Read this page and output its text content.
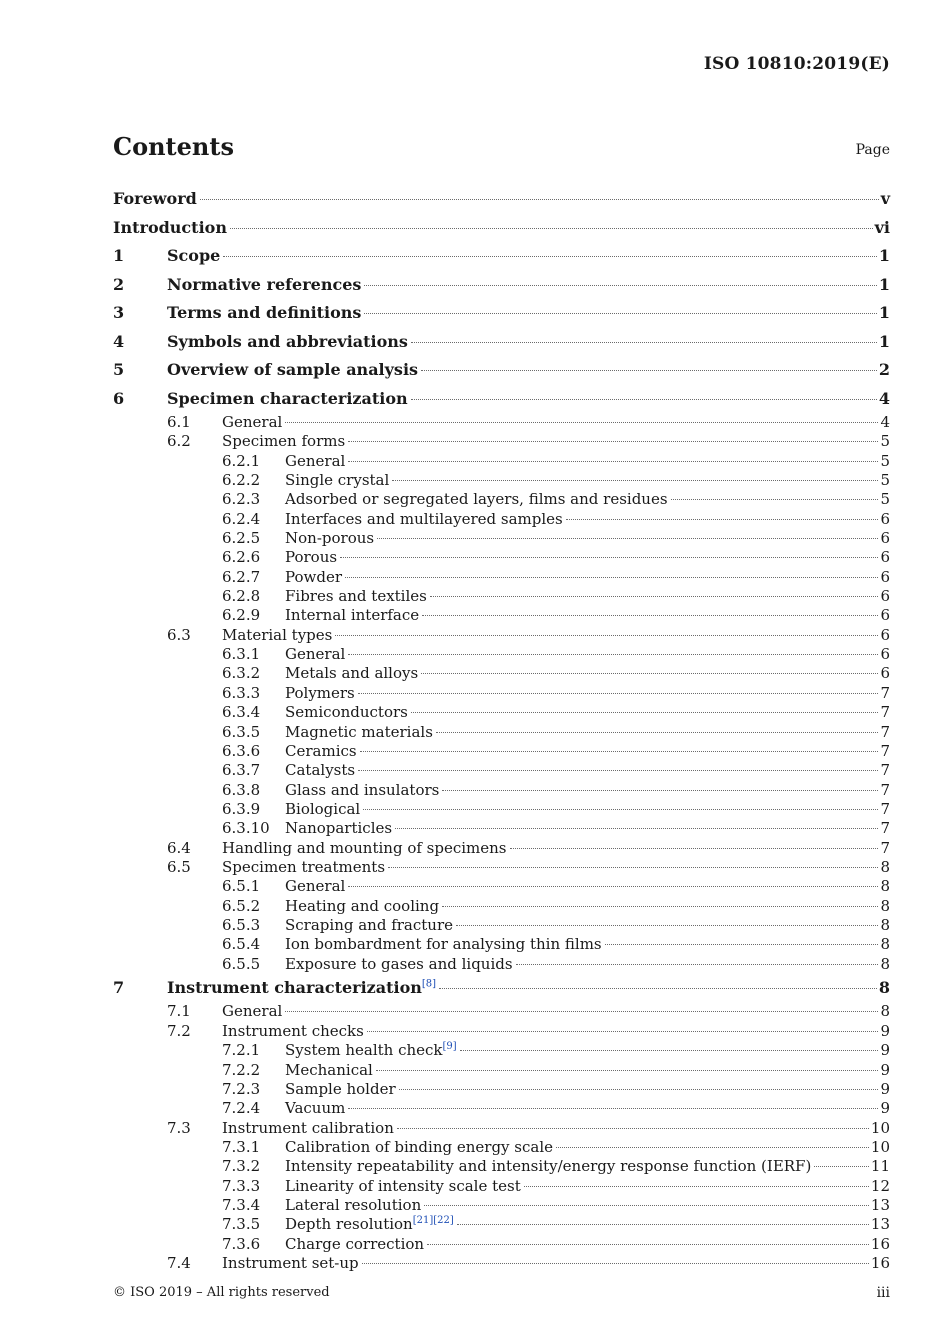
ISO 10810:2019(E)
Contents	Page
Foreword	v
Introduction	vi
1	Scope	1
2	Normative references	1
3	Terms and definitions	1
4	Symbols and abbreviations	1
5	Overview of sample analysis	2
6	Specimen characterization	4
6.1	General	4
6.2	Specimen forms	5
6.2.1	General	5
6.2.2	Single crystal	5
6.2.3	Adsorbed or segregated layers, films and residues	5
6.2.4	Interfaces and multilayered samples	6
6.2.5	Non-porous	6
6.2.6	Porous	6
6.2.7	Powder	6
6.2.8	Fibres and textiles	6
6.2.9	Internal interface	6
6.3	Material types	6
6.3.1	General	6
6.3.2	Metals and alloys	6
6.3.3	Polymers	7
6.3.4	Semiconductors	7
6.3.5	Magnetic materials	7
6.3.6	Ceramics	7
6.3.7	Catalysts	7
6.3.8	Glass and insulators	7
6.3.9	Biological	7
6.3.10	Nanoparticles	7
6.4	Handling and mounting of specimens	7
6.5	Specimen treatments	8
6.5.1	General	8
6.5.2	Heating and cooling	8
6.5.3	Scraping and fracture	8
6.5.4	Ion bombardment for analysing thin films	8
6.5.5	Exposure to gases and liquids	8
7	Instrument characterization[8]	8
7.1	General	8
7.2	Instrument checks	9
7.2.1	System health check[9]	9
7.2.2	Mechanical	9
7.2.3	Sample holder	9
7.2.4	Vacuum	9
7.3	Instrument calibration	10
7.3.1	Calibration of binding energy scale	10
7.3.2	Intensity repeatability and intensity/energy response function (IERF)	11
7.3.3	Linearity of intensity scale test	12
7.3.4	Lateral resolution	13
7.3.5	Depth resolution[21][22]	13
7.3.6	Charge correction	16
7.4	Instrument set-up	16
© ISO 2019 – All rights reserved	iii
